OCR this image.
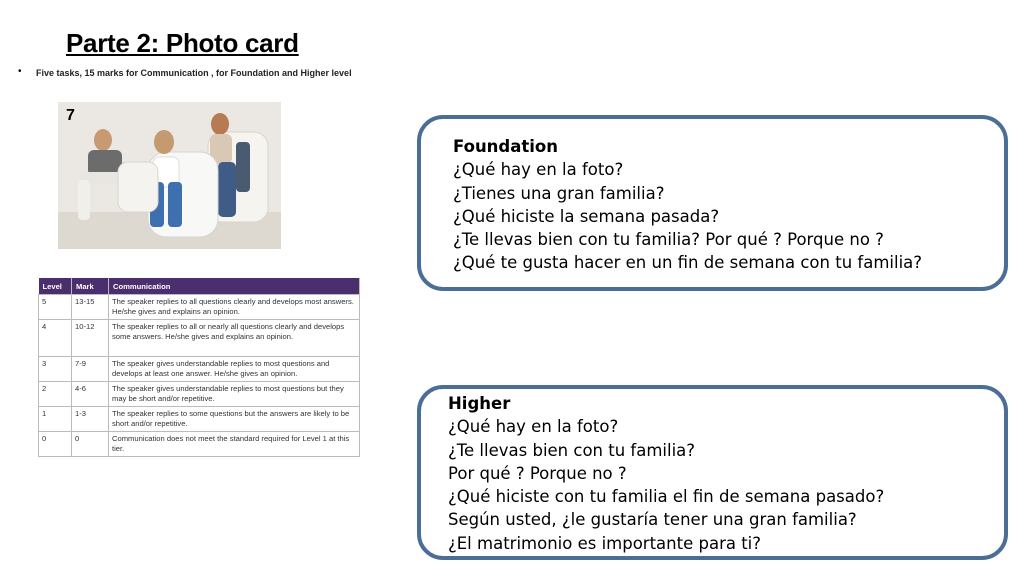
Parte 2: Photo card
• Five tasks, 15 marks for Communication , for Foundation and Higher level
7
Level	Mark	Communication
5	13-15	The speaker replies to all questions clearly and develops most answers. He/she gives and explains an opinion.
4	10-12	The speaker replies to all or nearly all questions clearly and develops some answers. He/she gives and explains an opinion.
3	7-9	The speaker gives understandable replies to most questions and develops at least one answer. He/she gives an opinion.
2	4-6	The speaker gives understandable replies to most questions but they may be short and/or repetitive.
1	1-3	The speaker replies to some questions but the answers are likely to be short and/or repetitive.
0	0	Communication does not meet the standard required for Level 1 at this tier.
Foundation
¿Qué hay en la foto?
¿Tienes una gran familia?
¿Qué hiciste la semana pasada?
¿Te llevas bien con tu familia? Por qué ? Porque no ?
¿Qué te gusta hacer en un fin de semana con tu familia?
Higher
¿Qué hay en la foto?
¿Te llevas bien con tu familia?
Por qué ? Porque no ?
¿Qué hiciste con tu familia el fin de semana pasado?
Según usted, ¿le gustaría tener una gran familia?
¿El matrimonio es importante para ti?
